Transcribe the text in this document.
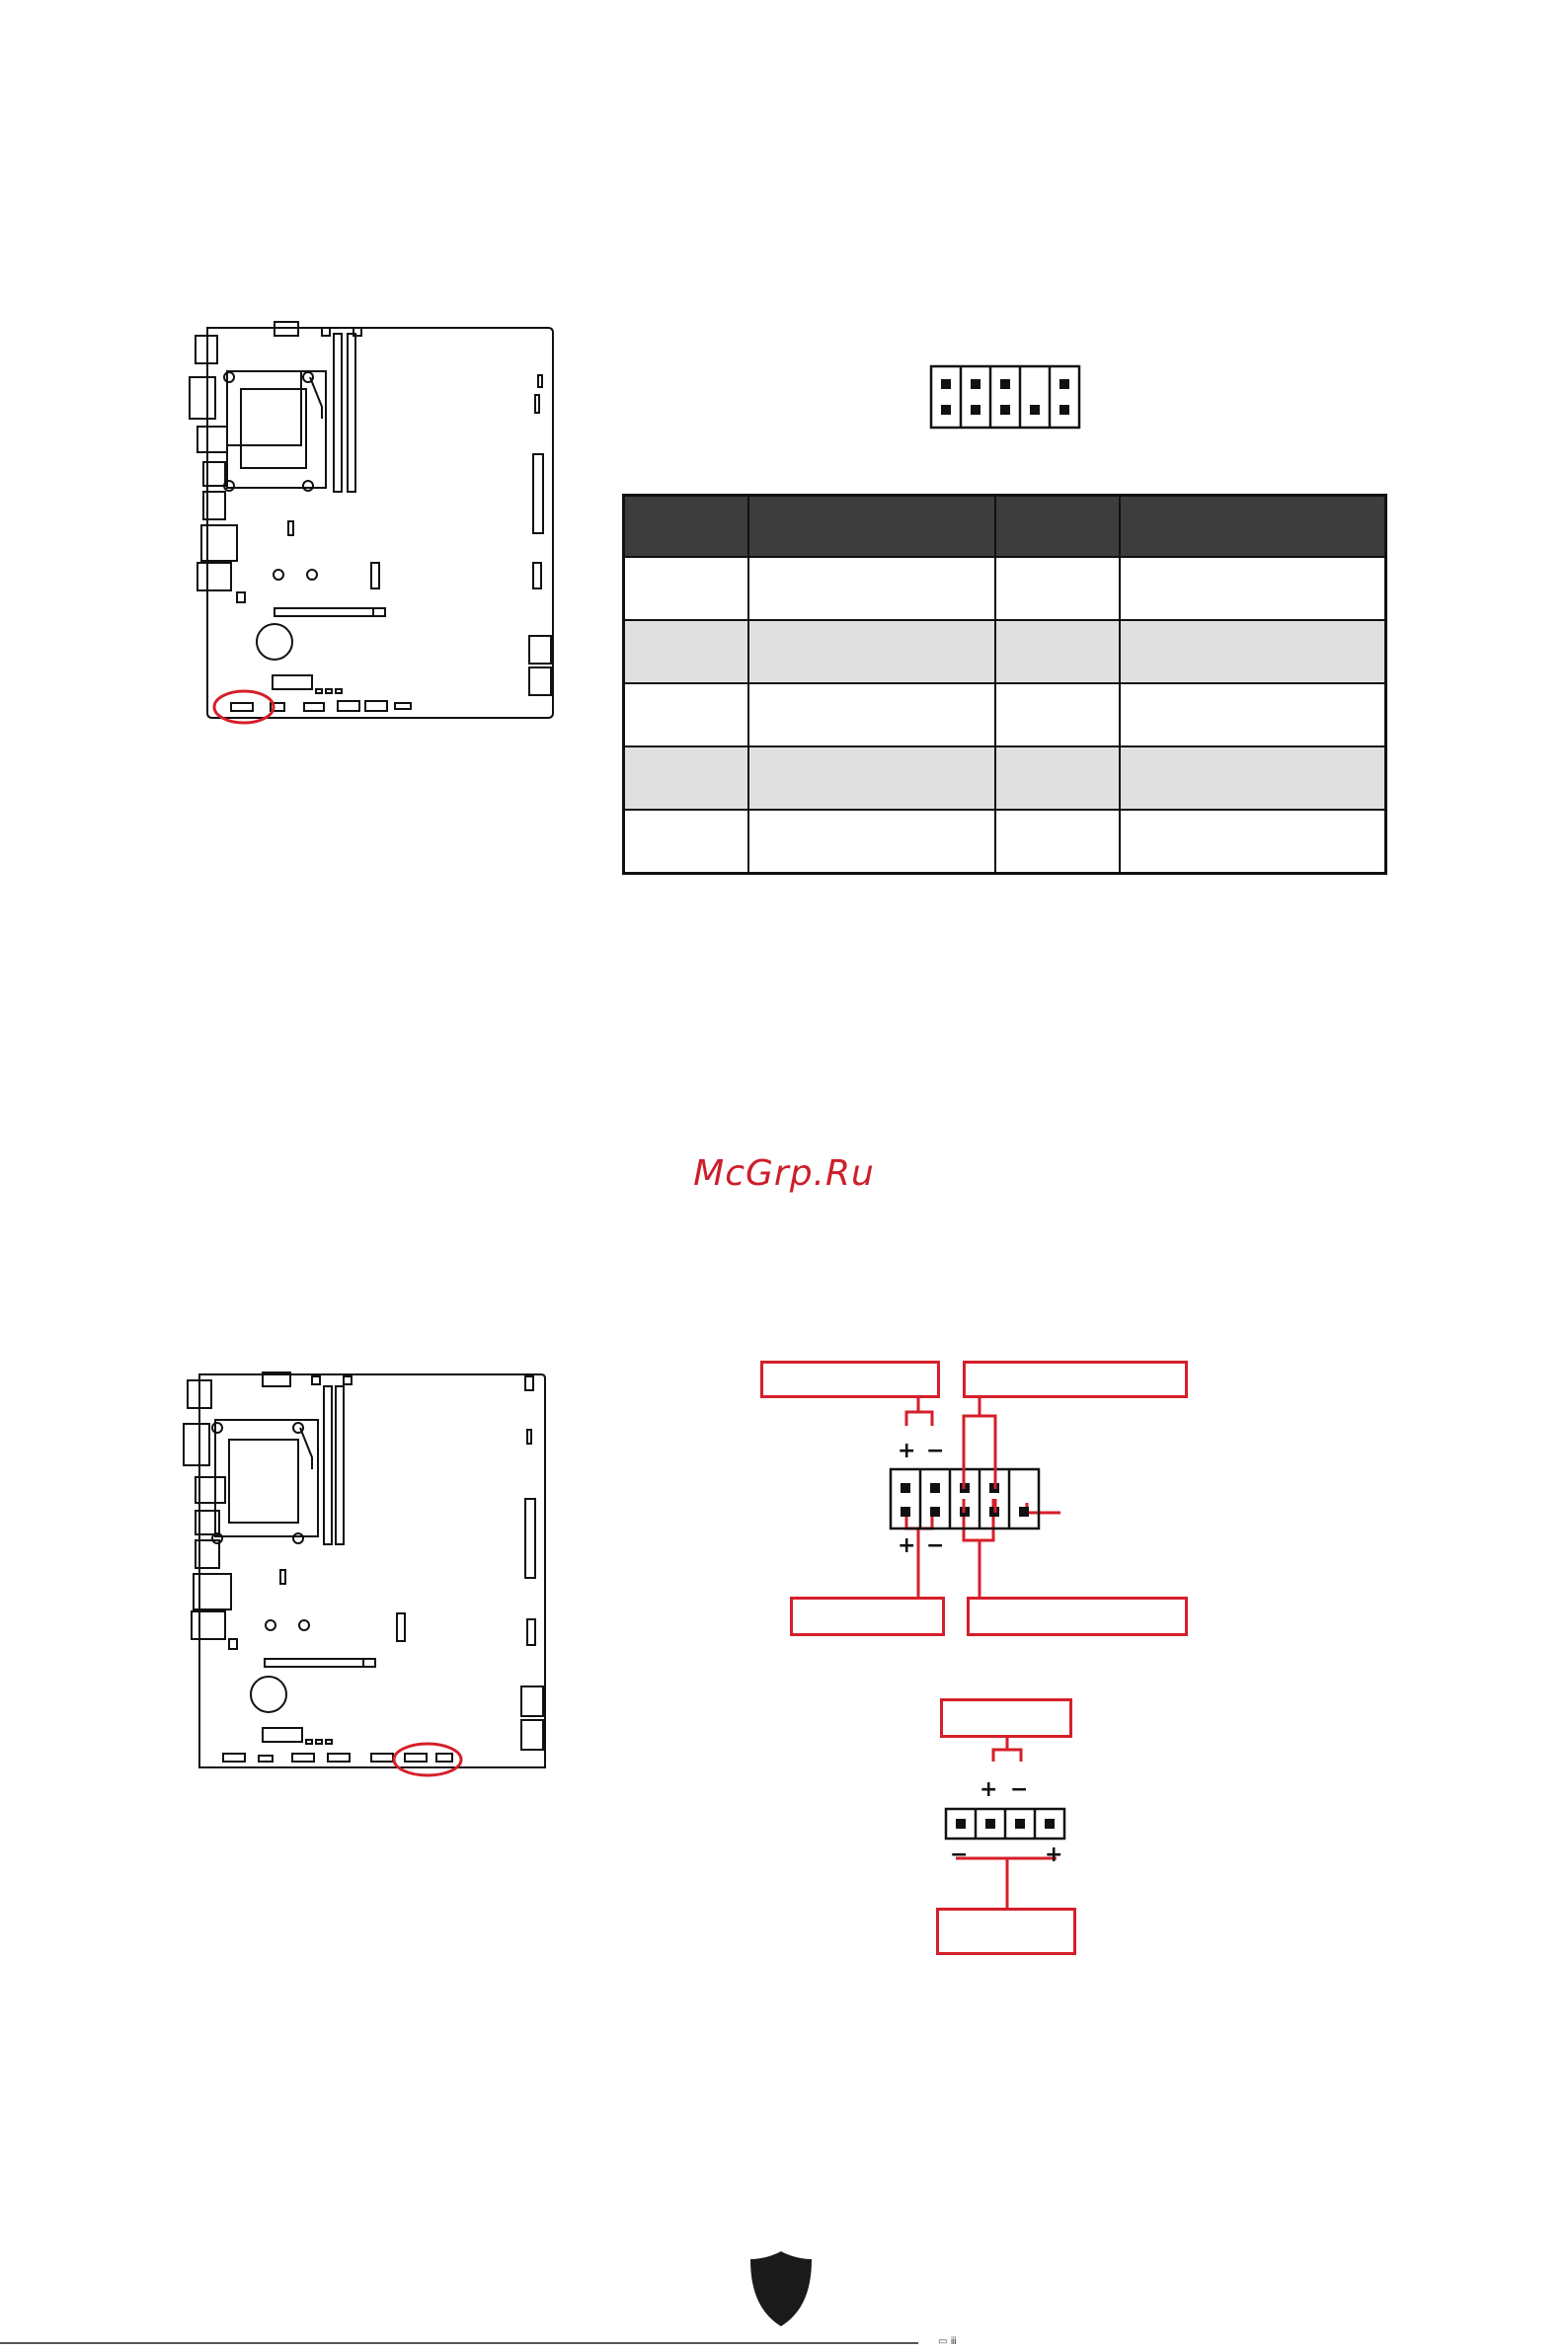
McGrp.Ru
+ −
+ −
+ −
−	+
▭ ⅲ
